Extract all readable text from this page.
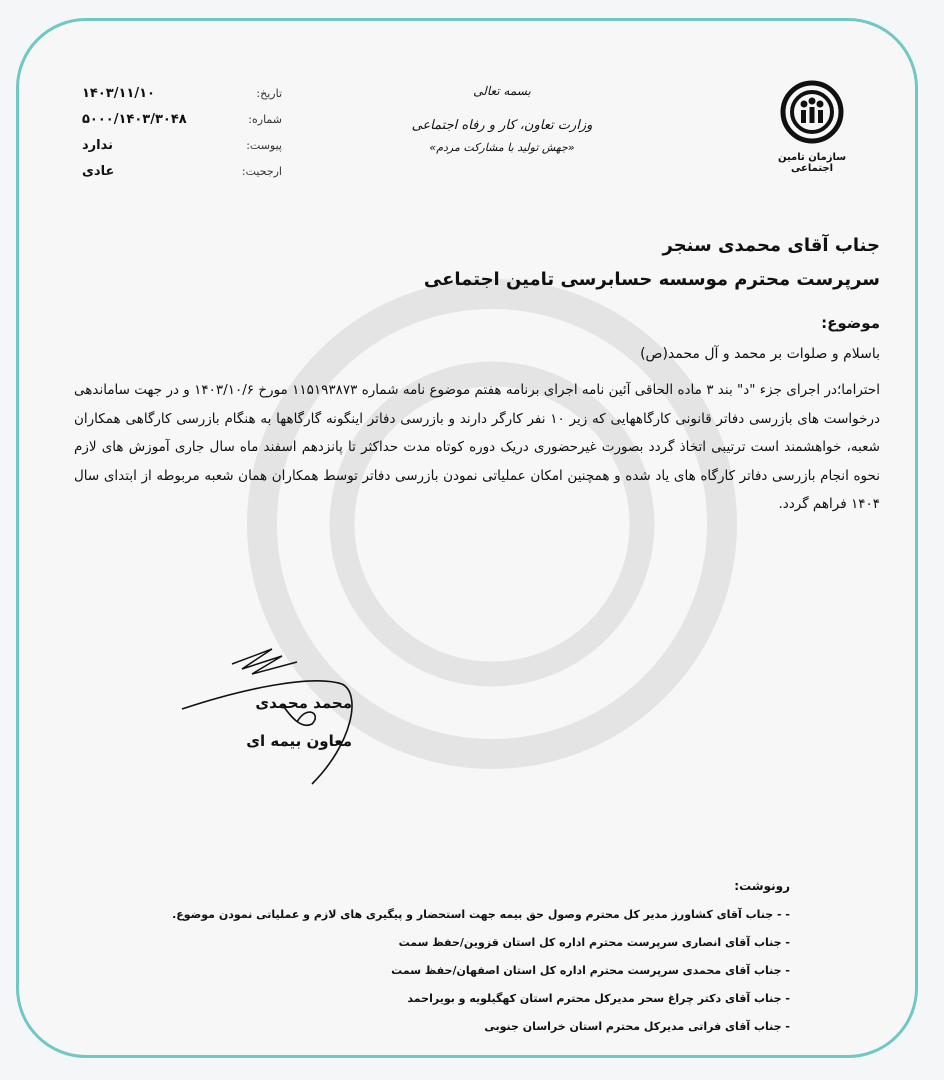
سازمان تامین اجتماعی
بسمه تعالی
وزارت تعاون، کار و رفاه اجتماعی
«جهش تولید با مشارکت مردم»
تاریخ:
۱۴۰۳/۱۱/۱۰
شماره:
۵۰۰۰/۱۴۰۳/۳۰۴۸
پیوست:
ندارد
ارجحیت:
عادی
جناب آقای محمدی سنجر
سرپرست محترم موسسه حسابرسی تامین اجتماعی
موضوع:
باسلام و صلوات بر محمد و آل محمد(ص)
احتراما؛در اجرای جزء "د" بند ۳ ماده الحاقی آئین نامه اجرای برنامه هفتم موضوع نامه شماره ۱۱۵۱۹۳۸۷۳ مورخ ۱۴۰۳/۱۰/۶ و در جهت ساماندهی درخواست های بازرسی دفاتر قانونی کارگاههایی که زیر ۱۰ نفر کارگر دارند و بازرسی دفاتر اینگونه گارگاهها به هنگام بازرسی کارگاهی همکاران شعبه، خواهشمند است ترتیبی اتخاذ گردد بصورت غیرحضوری دریک دوره کوتاه مدت حداکثر تا پانزدهم اسفند ماه سال جاری آموزش های لازم نحوه انجام بازرسی دفاتر کارگاه های یاد شده و همچنین امکان عملیاتی نمودن بازرسی دفاتر توسط همکاران همان شعبه مربوطه از ابتدای سال ۱۴۰۴ فراهم گردد.
محمد محمدی
معاون بیمه ای
رونوشت:
- - جناب آقای کشاورز مدیر کل محترم وصول حق بیمه جهت استحضار و پیگیری های لازم و عملیاتی نمودن موضوع.
- جناب آقای انصاری سرپرست محترم اداره کل استان قزوین/حفظ سمت
- جناب آقای محمدی سرپرست محترم اداره کل استان اصفهان/حفظ سمت
- جناب آقای دکتر چراغ سحر مدیرکل محترم استان کهگیلویه و بویراحمد
- جناب آقای فراتی مدیرکل محترم استان خراسان جنوبی
